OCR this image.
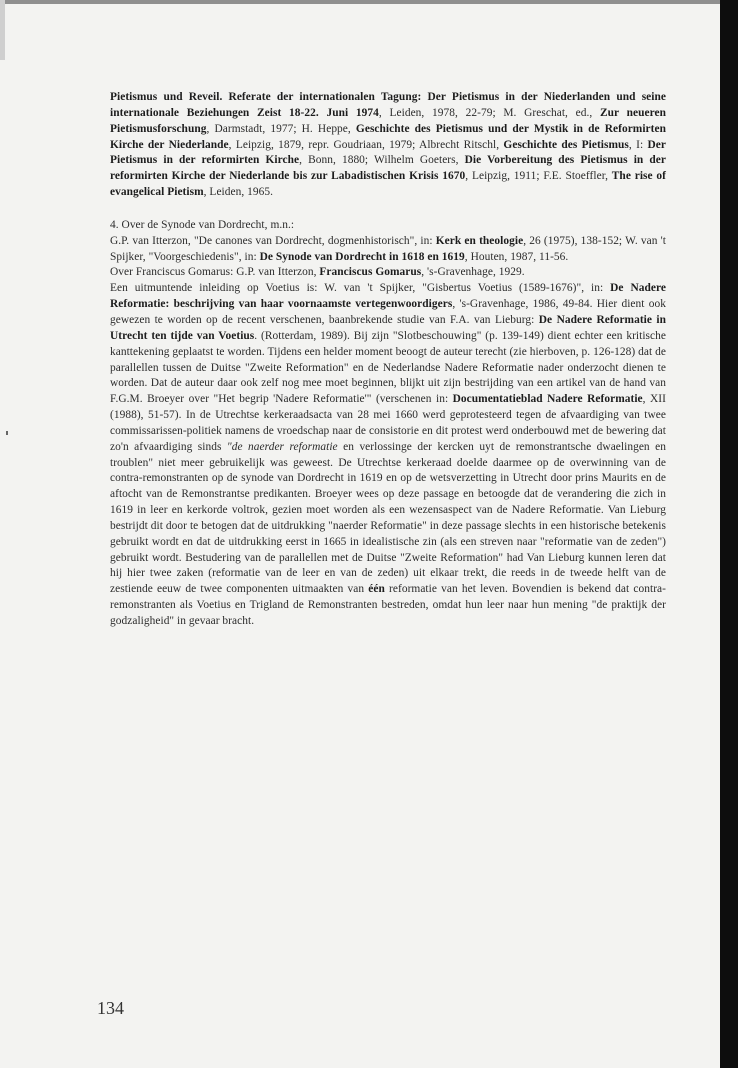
Pietismus und Reveil. Referate der internationalen Tagung: Der Pietismus in der Niederlanden und seine internationale Beziehungen Zeist 18-22. Juni 1974, Leiden, 1978, 22-79; M. Greschat, ed., Zur neueren Pietismusforschung, Darmstadt, 1977; H. Heppe, Geschichte des Pietismus und der Mystik in de Reformirten Kirche der Niederlande, Leipzig, 1879, repr. Goudriaan, 1979; Albrecht Ritschl, Geschichte des Pietismus, I: Der Pietismus in der reformirten Kirche, Bonn, 1880; Wilhelm Goeters, Die Vorbereitung des Pietismus in der reformirten Kirche der Niederlande bis zur Labadistischen Krisis 1670, Leipzig, 1911; F.E. Stoeffler, The rise of evangelical Pietism, Leiden, 1965.

4. Over de Synode van Dordrecht, m.n.:

G.P. van Itterzon, "De canones van Dordrecht, dogmenhistorisch", in: Kerk en theologie, 26 (1975), 138-152; W. van 't Spijker, "Voorgeschiedenis", in: De Synode van Dordrecht in 1618 en 1619, Houten, 1987, 11-56.

Over Franciscus Gomarus: G.P. van Itterzon, Franciscus Gomarus, 's-Gravenhage, 1929.

Een uitmuntende inleiding op Voetius is: W. van 't Spijker, "Gisbertus Voetius (1589-1676)", in: De Nadere Reformatie: beschrijving van haar voornaamste vertegenwoordigers, 's-Gravenhage, 1986, 49-84. Hier dient ook gewezen te worden op de recent verschenen, baanbrekende studie van F.A. van Lieburg: De Nadere Reformatie in Utrecht ten tijde van Voetius. (Rotterdam, 1989). Bij zijn "Slotbeschouwing" (p. 139-149) dient echter een kritische kanttekening geplaatst te worden. Tijdens een helder moment beoogt de auteur terecht (zie hierboven, p. 126-128) dat de parallellen tussen de Duitse "Zweite Reformation" en de Nederlandse Nadere Reformatie nader onderzocht dienen te worden. Dat de auteur daar ook zelf nog mee moet beginnen, blijkt uit zijn bestrijding van een artikel van de hand van F.G.M. Broeyer over "Het begrip 'Nadere Reformatie'" (verschenen in: Documentatieblad Nadere Reformatie, XII (1988), 51-57). In de Utrechtse kerkeraadsacta van 28 mei 1660 werd geprotesteerd tegen de afvaardiging van twee commissarissen-politiek namens de vroedschap naar de consistorie en dit protest werd onderbouwd met de bewering dat zo'n afvaardiging sinds "de naerder reformatie en verlossinge der kercken uyt de remonstrantsche dwaelingen en troublen" niet meer gebruikelijk was geweest. De Utrechtse kerkeraad doelde daarmee op de overwinning van de contra-remonstranten op de synode van Dordrecht in 1619 en op de wetsverzetting in Utrecht door prins Maurits en de aftocht van de Remonstrantse predikanten. Broeyer wees op deze passage en betoogde dat de verandering die zich in 1619 in leer en kerkorde voltrok, gezien moet worden als een wezensaspect van de Nadere Reformatie. Van Lieburg bestrijdt dit door te betogen dat de uitdrukking "naerder Reformatie" in deze passage slechts in een historische betekenis gebruikt wordt en dat de uitdrukking eerst in 1665 in idealistische zin (als een streven naar "reformatie van de zeden") gebruikt wordt. Bestudering van de parallellen met de Duitse "Zweite Reformation" had Van Lieburg kunnen leren dat hij hier twee zaken (reformatie van de leer en van de zeden) uit elkaar trekt, die reeds in de tweede helft van de zestiende eeuw de twee componenten uitmaakten van één reformatie van het leven. Bovendien is bekend dat contra-remonstranten als Voetius en Trigland de Remonstranten bestreden, omdat hun leer naar hun mening "de praktijk der godzaligheid" in gevaar bracht.

134
